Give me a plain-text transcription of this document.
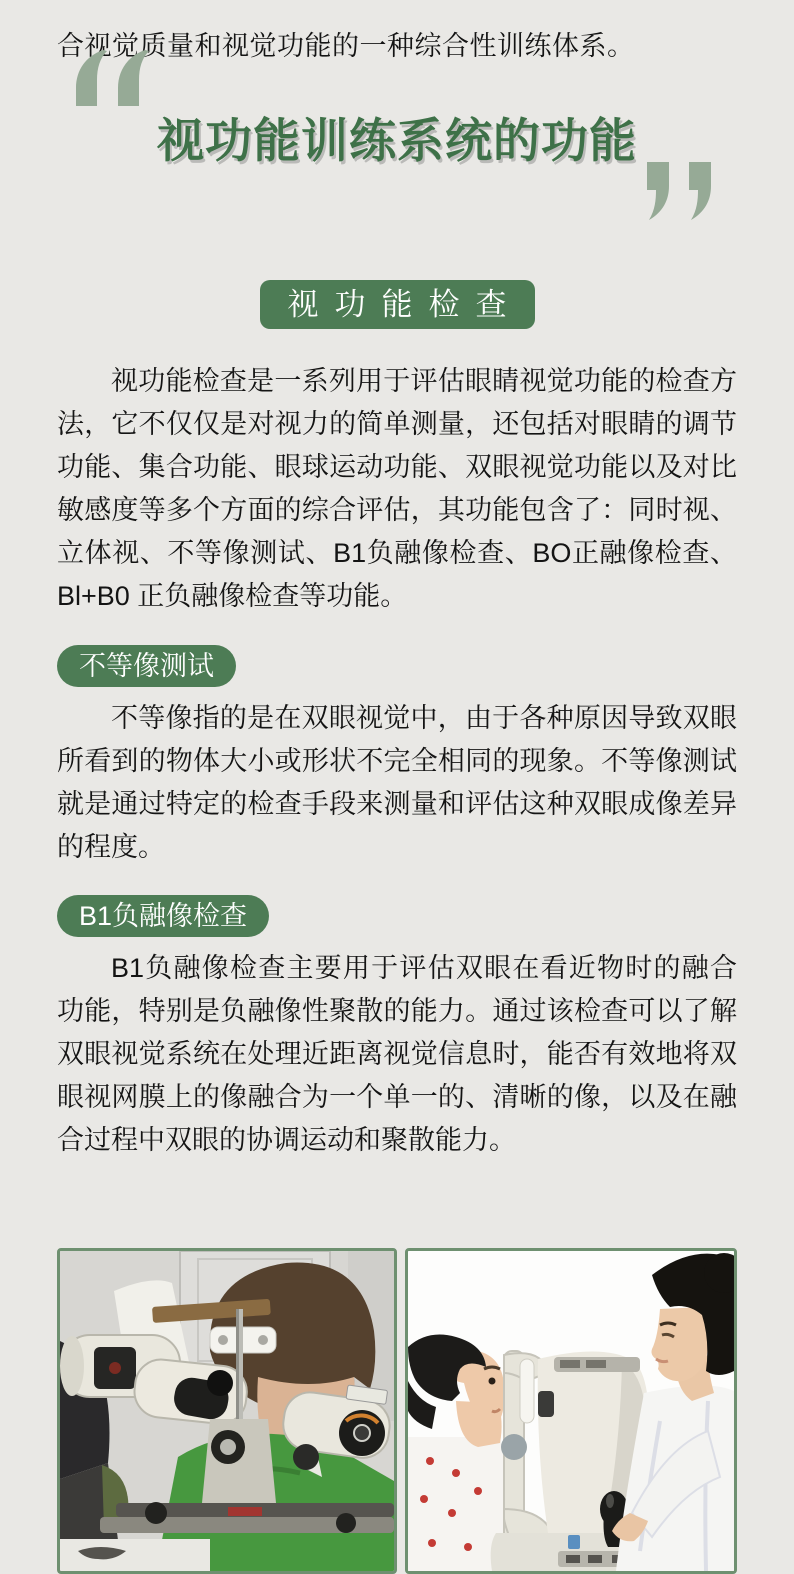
合视觉质量和视觉功能的一种综合性训练体系。
视功能训练系统的功能
视功能检查

视功能检查是一系列用于评估眼睛视觉功能的检查方法，它不仅仅是对视力的简单测量，还包括对眼睛的调节功能、集合功能、眼球运动功能、双眼视觉功能以及对比敏感度等多个方面的综合评估，其功能包含了：同时视、立体视、不等像测试、B1负融像检查、BO正融像检查、Bl+B0 正负融像检查等功能。

不等像测试

不等像指的是在双眼视觉中，由于各种原因导致双眼所看到的物体大小或形状不完全相同的现象。不等像测试就是通过特定的检查手段来测量和评估这种双眼成像差异的程度。

B1负融像检查

B1负融像检查主要用于评估双眼在看近物时的融合功能，特别是负融像性聚散的能力。通过该检查可以了解双眼视觉系统在处理近距离视觉信息时，能否有效地将双眼视网膜上的像融合为一个单一的、清晰的像，以及在融合过程中双眼的协调运动和聚散能力。
